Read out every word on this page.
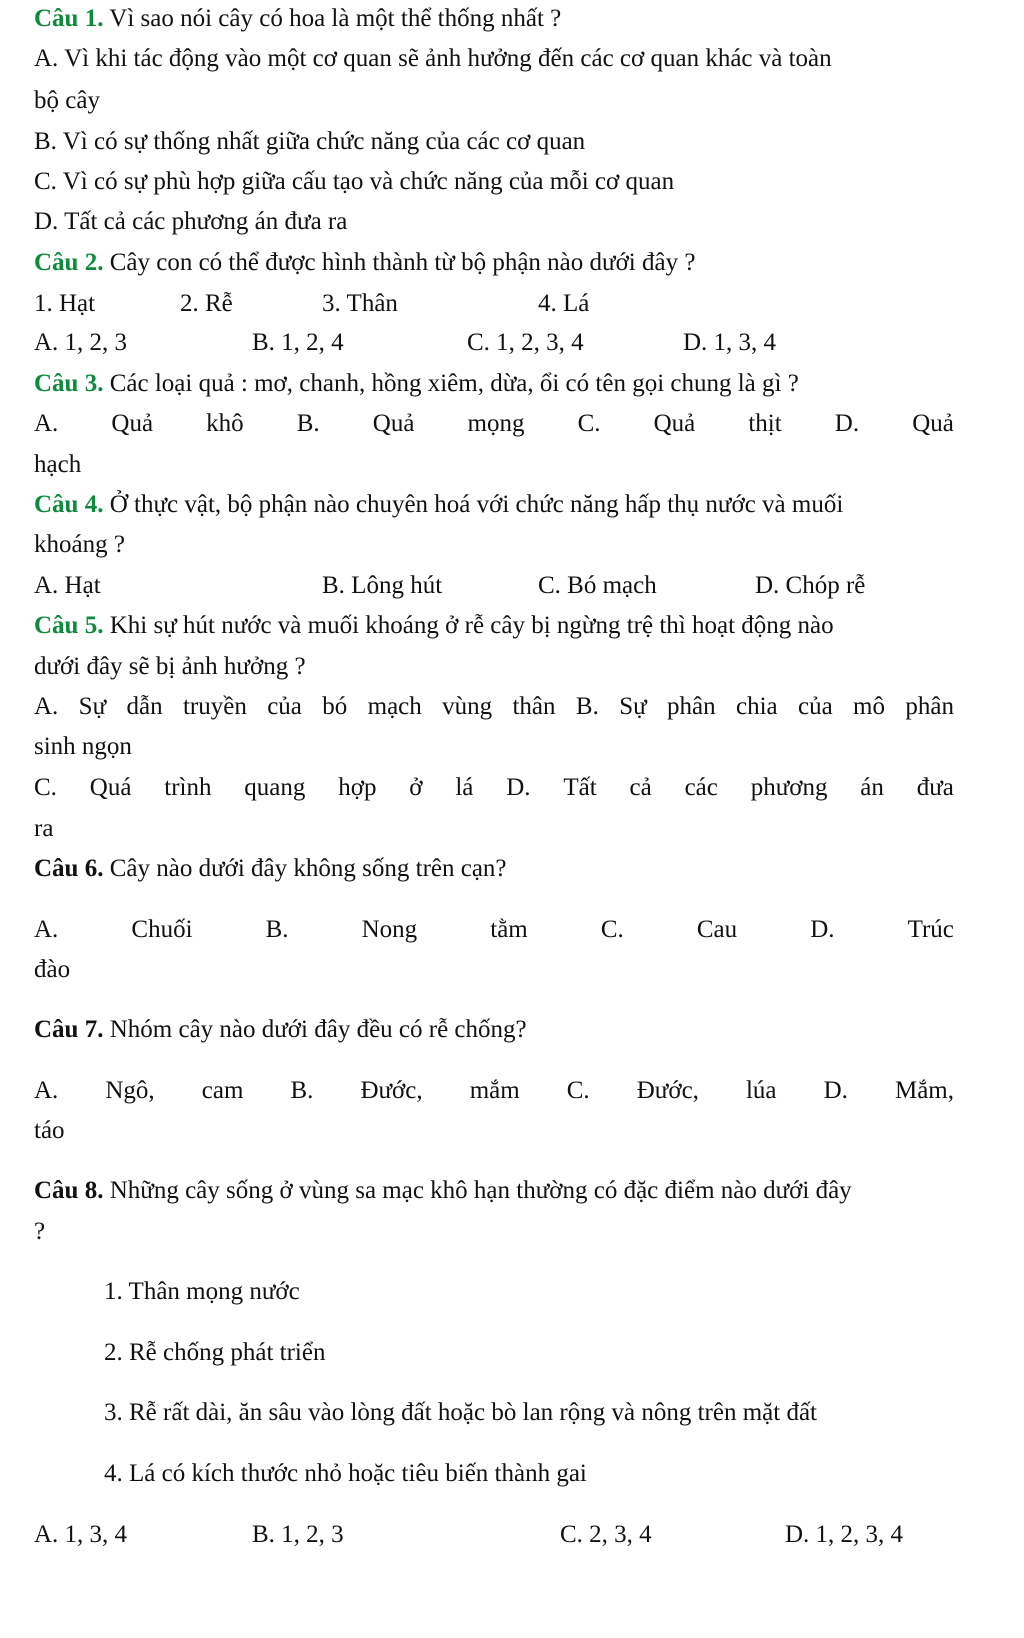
Câu 1. Vì sao nói cây có hoa là một thể thống nhất ?
A. Vì khi tác động vào một cơ quan sẽ ảnh hưởng đến các cơ quan khác và toàn
bộ cây
B. Vì có sự thống nhất giữa chức năng của các cơ quan
C. Vì có sự phù hợp giữa cấu tạo và chức năng của mỗi cơ quan
D. Tất cả các phương án đưa ra
Câu 2. Cây con có thể được hình thành từ bộ phận nào dưới đây ?
1. Hạt	2. Rễ	3. Thân	4. Lá
A. 1, 2, 3	B. 1, 2, 4	C. 1, 2, 3, 4	D. 1, 3, 4
Câu 3. Các loại quả : mơ, chanh, hồng xiêm, dừa, ổi có tên gọi chung là gì ?
A. Quả khô B. Quả mọng C. Quả thịt D. Quả
hạch
Câu 4. Ở thực vật, bộ phận nào chuyên hoá với chức năng hấp thụ nước và muối
khoáng ?
A. Hạt	B. Lông hút	C. Bó mạch	D. Chóp rễ
Câu 5. Khi sự hút nước và muối khoáng ở rễ cây bị ngừng trệ thì hoạt động nào
dưới đây sẽ bị ảnh hưởng ?
A. Sự dẫn truyền của bó mạch vùng thân B. Sự phân chia của mô phân
sinh ngọn
C. Quá trình quang hợp ở lá D. Tất cả các phương án đưa
ra
Câu 6. Cây nào dưới đây không sống trên cạn?
A.	Chuối	B.	Nong	tằm	C.	Cau	D.	Trúc
đào
Câu 7. Nhóm cây nào dưới đây đều có rễ chống?
A. Ngô, cam B. Đước, mắm C. Đước, lúa D. Mắm,
táo
Câu 8. Những cây sống ở vùng sa mạc khô hạn thường có đặc điểm nào dưới đây
?
1. Thân mọng nước
2. Rễ chống phát triển
3. Rễ rất dài, ăn sâu vào lòng đất hoặc bò lan rộng và nông trên mặt đất
4. Lá có kích thước nhỏ hoặc tiêu biến thành gai
A. 1, 3, 4	B. 1, 2, 3	C. 2, 3, 4	D. 1, 2, 3, 4
